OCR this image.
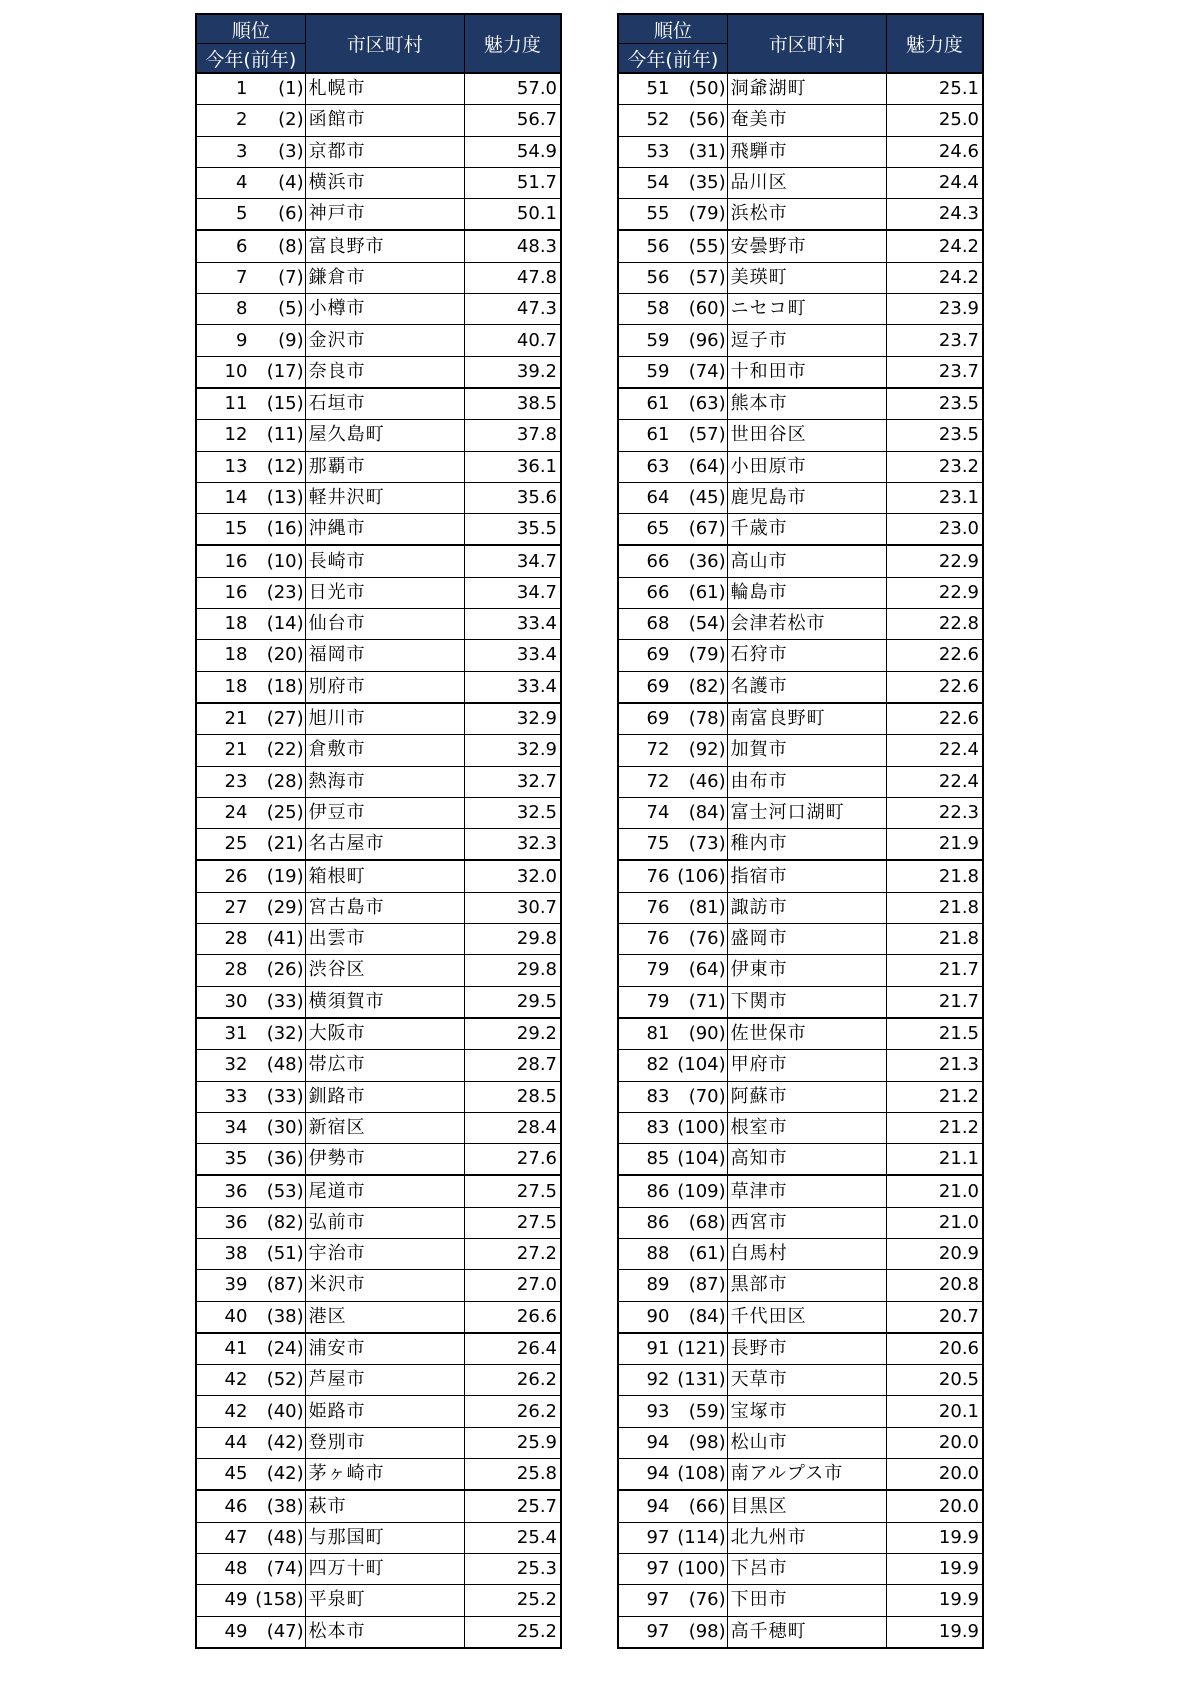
順位		市区町村	魅力度
今年(前年)			
1	(1)	札幌市	57.0
2	(2)	函館市	56.7
3	(3)	京都市	54.9
4	(4)	横浜市	51.7
5	(6)	神戸市	50.1
6	(8)	富良野市	48.3
7	(7)	鎌倉市	47.8
8	(5)	小樽市	47.3
9	(9)	金沢市	40.7
10	(17)	奈良市	39.2
11	(15)	石垣市	38.5
12	(11)	屋久島町	37.8
13	(12)	那覇市	36.1
14	(13)	軽井沢町	35.6
15	(16)	沖縄市	35.5
16	(10)	長崎市	34.7
16	(23)	日光市	34.7
18	(14)	仙台市	33.4
18	(20)	福岡市	33.4
18	(18)	別府市	33.4
21	(27)	旭川市	32.9
21	(22)	倉敷市	32.9
23	(28)	熱海市	32.7
24	(25)	伊豆市	32.5
25	(21)	名古屋市	32.3
26	(19)	箱根町	32.0
27	(29)	宮古島市	30.7
28	(41)	出雲市	29.8
28	(26)	渋谷区	29.8
30	(33)	横須賀市	29.5
31	(32)	大阪市	29.2
32	(48)	帯広市	28.7
33	(33)	釧路市	28.5
34	(30)	新宿区	28.4
35	(36)	伊勢市	27.6
36	(53)	尾道市	27.5
36	(82)	弘前市	27.5
38	(51)	宇治市	27.2
39	(87)	米沢市	27.0
40	(38)	港区	26.6
41	(24)	浦安市	26.4
42	(52)	芦屋市	26.2
42	(40)	姫路市	26.2
44	(42)	登別市	25.9
45	(42)	茅ヶ崎市	25.8
46	(38)	萩市	25.7
47	(48)	与那国町	25.4
48	(74)	四万十町	25.3
49	(158)	平泉町	25.2
49	(47)	松本市	25.2
順位		市区町村	魅力度
今年(前年)			
51	(50)	洞爺湖町	25.1
52	(56)	奄美市	25.0
53	(31)	飛騨市	24.6
54	(35)	品川区	24.4
55	(79)	浜松市	24.3
56	(55)	安曇野市	24.2
56	(57)	美瑛町	24.2
58	(60)	ニセコ町	23.9
59	(96)	逗子市	23.7
59	(74)	十和田市	23.7
61	(63)	熊本市	23.5
61	(57)	世田谷区	23.5
63	(64)	小田原市	23.2
64	(45)	鹿児島市	23.1
65	(67)	千歳市	23.0
66	(36)	高山市	22.9
66	(61)	輪島市	22.9
68	(54)	会津若松市	22.8
69	(79)	石狩市	22.6
69	(82)	名護市	22.6
69	(78)	南富良野町	22.6
72	(92)	加賀市	22.4
72	(46)	由布市	22.4
74	(84)	富士河口湖町	22.3
75	(73)	稚内市	21.9
76	(106)	指宿市	21.8
76	(81)	諏訪市	21.8
76	(76)	盛岡市	21.8
79	(64)	伊東市	21.7
79	(71)	下関市	21.7
81	(90)	佐世保市	21.5
82	(104)	甲府市	21.3
83	(70)	阿蘇市	21.2
83	(100)	根室市	21.2
85	(104)	高知市	21.1
86	(109)	草津市	21.0
86	(68)	西宮市	21.0
88	(61)	白馬村	20.9
89	(87)	黒部市	20.8
90	(84)	千代田区	20.7
91	(121)	長野市	20.6
92	(131)	天草市	20.5
93	(59)	宝塚市	20.1
94	(98)	松山市	20.0
94	(108)	南アルプス市	20.0
94	(66)	目黒区	20.0
97	(114)	北九州市	19.9
97	(100)	下呂市	19.9
97	(76)	下田市	19.9
97	(98)	高千穂町	19.9
